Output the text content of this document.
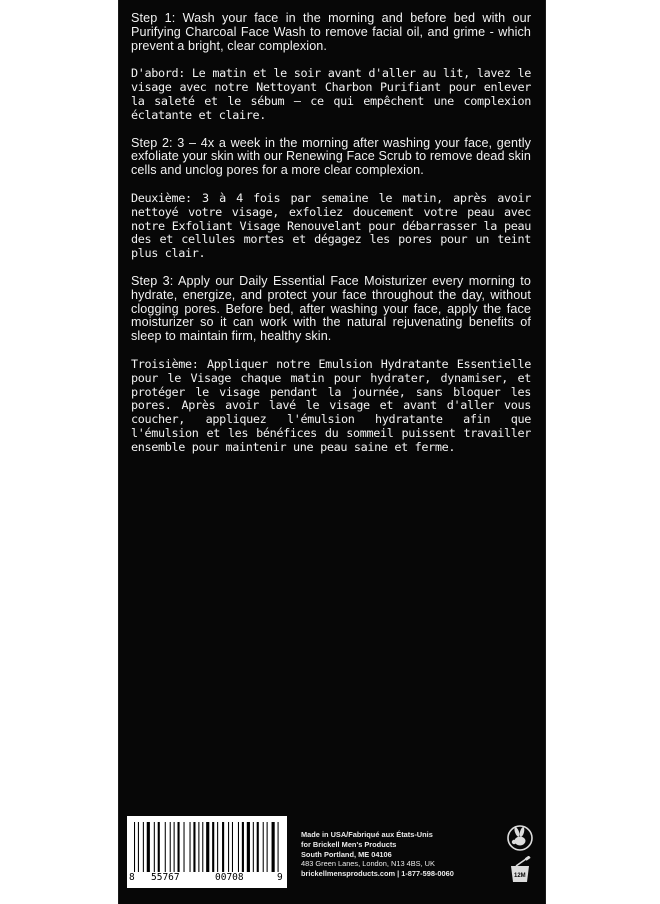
Step 1: Wash your face in the morning and before bed with our Purifying Charcoal Face Wash to remove facial oil, and grime - which prevent a bright, clear complexion.

D'abord: Le matin et le soir avant d'aller au lit, lavez le visage avec notre Nettoyant Charbon Purifiant pour enlever la saleté et le sébum – ce qui empêchent une complexion éclatante et claire.

Step 2: 3 – 4x a week in the morning after washing your face, gently exfoliate your skin with our Renewing Face Scrub to remove dead skin cells and unclog pores for a more clear complexion.

Deuxième: 3 à 4 fois par semaine le matin, après avoir nettoyé votre visage, exfoliez doucement votre peau avec notre Exfoliant Visage Renouvelant pour débarrasser la peau des et cellules mortes et dégagez les pores pour un teint plus clair.

Step 3: Apply our Daily Essential Face Moisturizer every morning to hydrate, energize, and protect your face throughout the day, without clogging pores. Before bed, after washing your face, apply the face moisturizer so it can work with the natural rejuvenating benefits of sleep to maintain firm, healthy skin.

Troisième: Appliquer notre Emulsion Hydratante Essentielle pour le Visage chaque matin pour hydrater, dynamiser, et protéger le visage pendant la journée, sans bloquer les pores. Après avoir lavé le visage et avant d'aller vous coucher, appliquez l'émulsion hydratante afin que l'émulsion et les bénéfices du sommeil puissent travailler ensemble pour maintenir une peau saine et ferme.

8 55767	00708	9
Made in USA/Fabriqué aux États-Unis
for Brickell Men's Products
South Portland, ME 04106
483 Green Lanes, London, N13 4BS, UK
brickellmensproducts.com | 1-877-598-0060	12M
